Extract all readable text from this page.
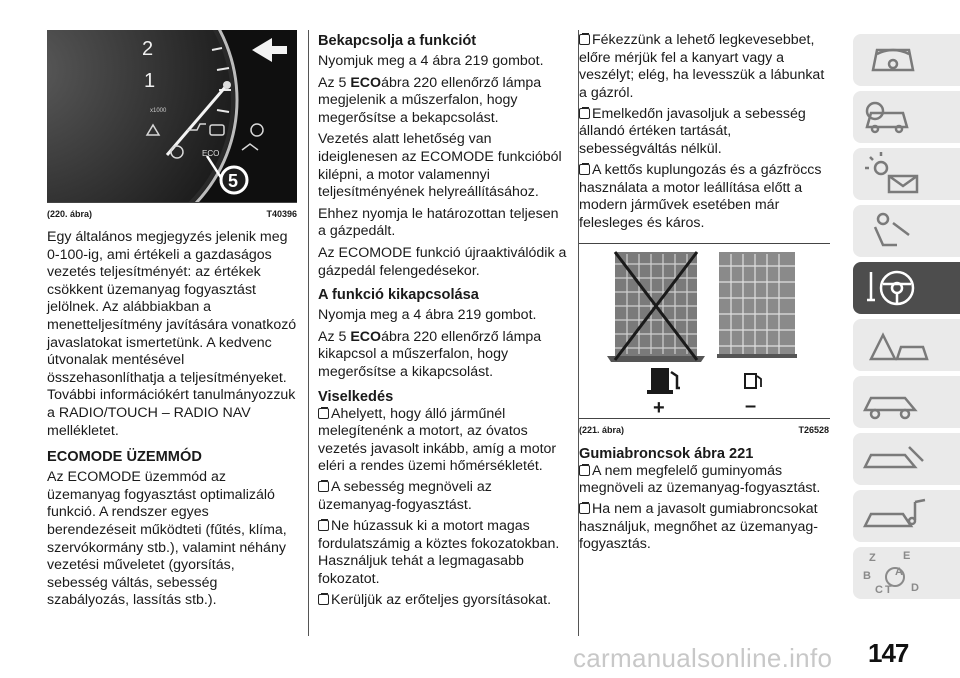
2
1
x1000
ECO
5
(220. ábra)	T40396

Egy általános megjegyzés jelenik meg 0-100-ig, ami értékeli a gazdaságos vezetés teljesítményét: az értékek csökkent üzemanyag fogyasztást jelölnek. Az alábbiakban a menetteljesítmény javítására vonatkozó javaslatokat ismertetünk. A kedvenc útvonalak mentésével összehasonlíthatja a teljesítményeket. További információkért tanulmányozzuk a RADIO/TOUCH – RADIO NAV mellékletet.

ECOMODE ÜZEMMÓD

Az ECOMODE üzemmód az üzemanyag fogyasztást optimalizáló funkció. A rendszer egyes berendezéseit működteti (fűtés, klíma, szervókormány stb.), valamint néhány vezetési műveletet (gyorsítás, sebesség váltás, sebesség szabályozás, lassítás stb.).

Bekapcsolja a funkciót

Nyomjuk meg a 4 ábra 219 gombot.

Az 5 ECOábra 220 ellenőrző lámpa megjelenik a műszerfalon, hogy megerősítse a bekapcsolást.

Vezetés alatt lehetőség van ideiglenesen az ECOMODE funkcióból kilépni, a motor valamennyi teljesítményének helyreállításához.

Ehhez nyomja le határozottan teljesen a gázpedált.

Az ECOMODE funkció újraaktiválódik a gázpedál felengedésekor.

A funkció kikapcsolása

Nyomja meg a 4 ábra 219 gombot.

Az 5 ECOábra 220 ellenőrző lámpa kikapcsol a műszerfalon, hogy megerősítse a kikapcsolást.

Viselkedés
Ahelyett, hogy álló járműnél melegítenénk a motort, az óvatos vezetés javasolt inkább, amíg a motor eléri a rendes üzemi hőmérsékletét.
A sebesség megnöveli az üzemanyag-fogyasztást.
Ne húzassuk ki a motort magas fordulatszámig a köztes fokozatokban. Használjuk tehát a legmagasabb fokozatot.
Kerüljük az erőteljes gyorsításokat.
Fékezzünk a lehető legkevesebbet, előre mérjük fel a kanyart vagy a veszélyt; elég, ha levesszük a lábunkat a gázról.
Emelkedőn javasoljuk a sebesség állandó értéken tartását, sebességváltás nélkül.
A kettős kuplungozás és a gázfröccs használata a motor leállítása előtt a modern járművek esetében már felesleges és káros.
+	–
(221. ábra)	T26528
Gumiabroncsok ábra 221
A nem megfelelő guminyomás megnöveli az üzemanyag-fogyasztást.
Ha nem a javasolt gumiabroncsokat használjuk, megnőhet az üzemanyag-fogyasztás.
Z E
A
B
C T D
carmanualsonline.info 147
